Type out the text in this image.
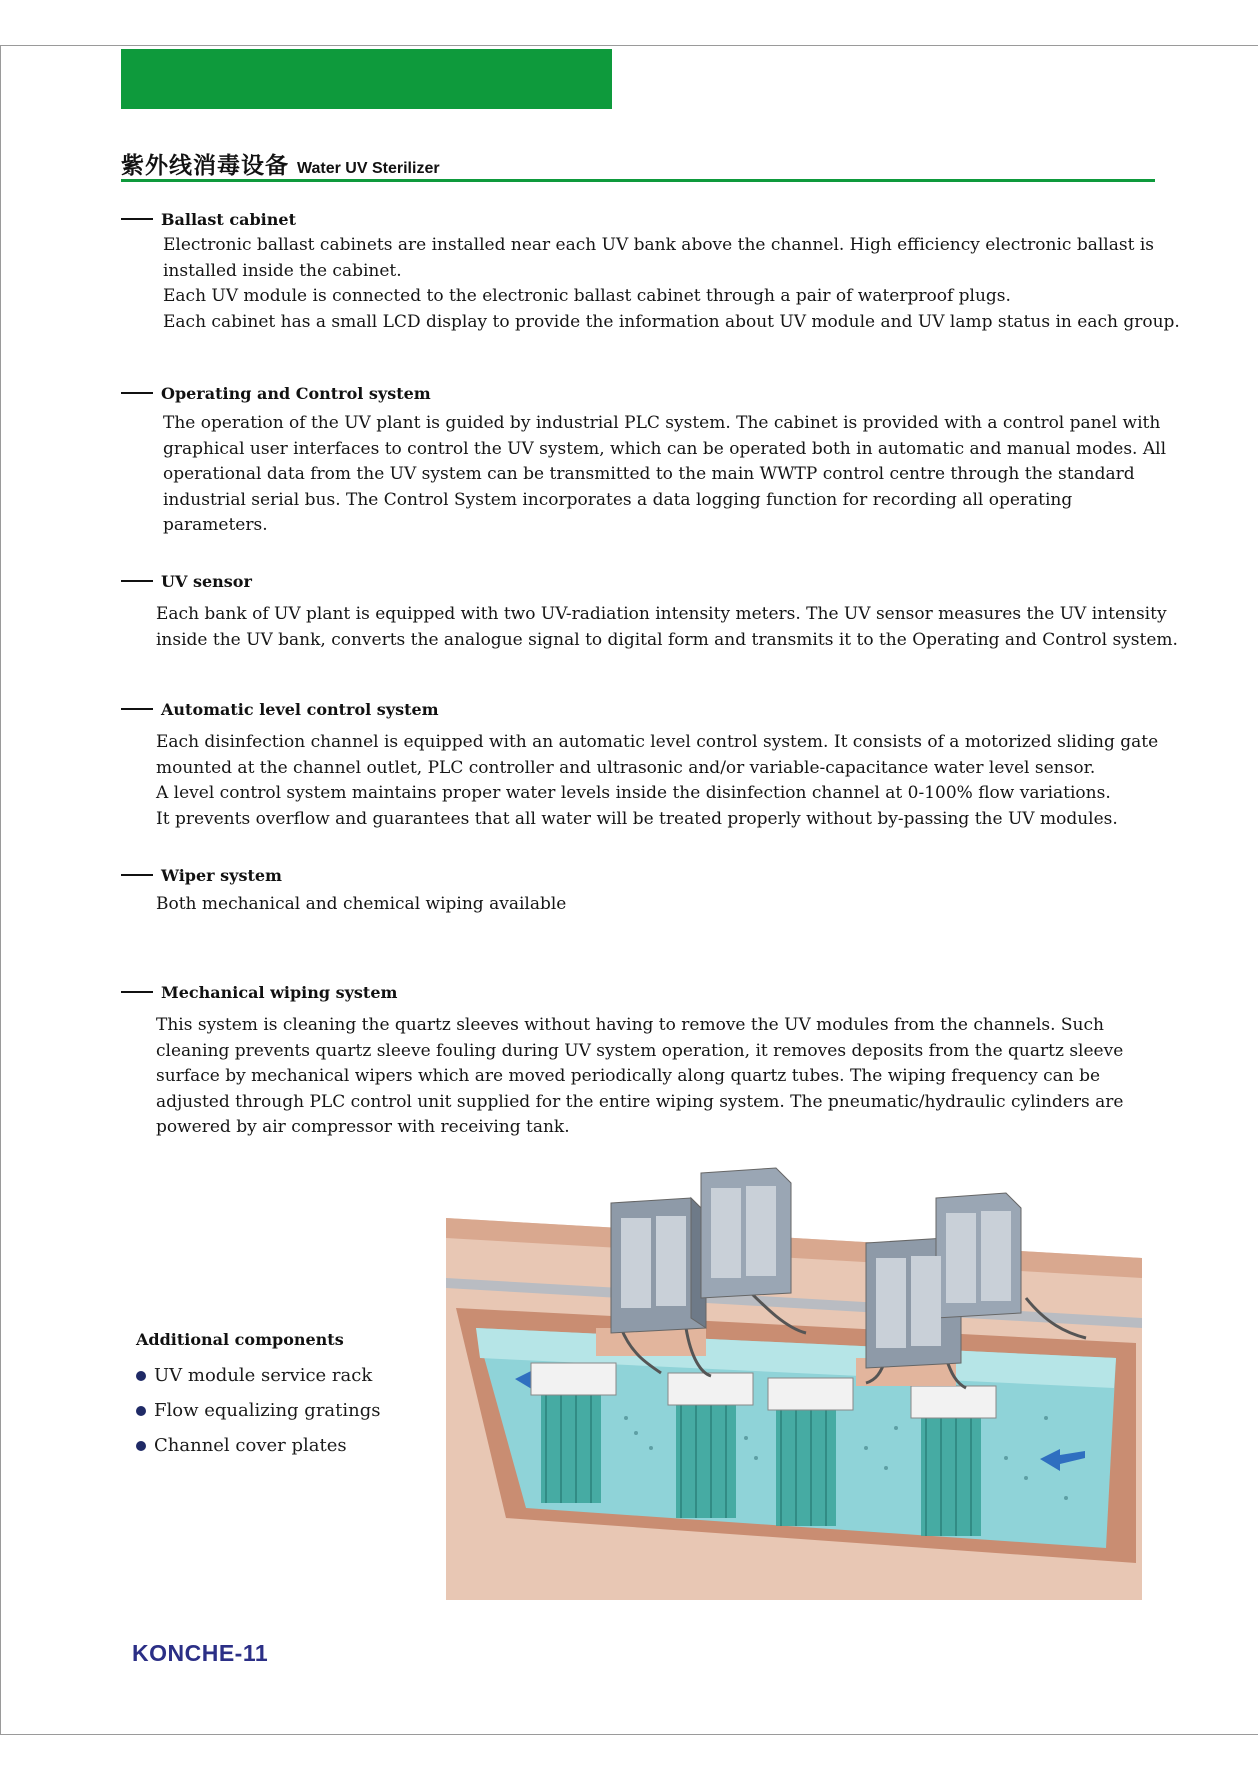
紫外线消毒设备 Water UV Sterilizer
Ballast cabinet

Electronic ballast cabinets are installed near each UV bank above the channel. High efficiency electronic ballast is installed inside the cabinet.

Each UV module is connected to the electronic ballast cabinet through a pair of waterproof plugs.

Each cabinet has a small LCD display to provide the information about UV module and UV lamp status in each group.

Operating and Control system

The operation of the UV plant is guided by industrial PLC system. The cabinet is provided with a control panel with graphical user interfaces to control the UV system, which can be operated both in automatic and manual modes. All operational data from the UV system can be transmitted to the main WWTP control centre through the standard industrial serial bus. The Control System incorporates a data logging function for recording all operating parameters.

UV sensor

Each bank of UV plant is equipped with two UV-radiation intensity meters. The UV sensor measures the UV intensity inside the UV bank, converts the analogue signal to digital form and transmits it to the Operating and Control system.

Automatic level control system

Each disinfection channel is equipped with an automatic level control system. It consists of a motorized sliding gate mounted at the channel outlet, PLC controller and ultrasonic and/or variable-capacitance water level sensor.

A level control system maintains proper water levels inside the disinfection channel at 0-100% flow variations.

It prevents overflow and guarantees that all water will be treated properly without by-passing the UV modules.

Wiper system

Both mechanical and chemical wiping available

Mechanical wiping system

This system is cleaning the quartz sleeves without having to remove the UV modules from the channels. Such cleaning prevents quartz sleeve fouling during UV system operation, it removes deposits from the quartz sleeve surface by mechanical wipers which are moved periodically along quartz tubes. The wiping frequency can be adjusted through PLC control unit supplied for the entire wiping system. The pneumatic/hydraulic cylinders are powered by air compressor with receiving tank.

Additional components
UV module service rack
Flow equalizing gratings
Channel cover plates
KONCHE-11
